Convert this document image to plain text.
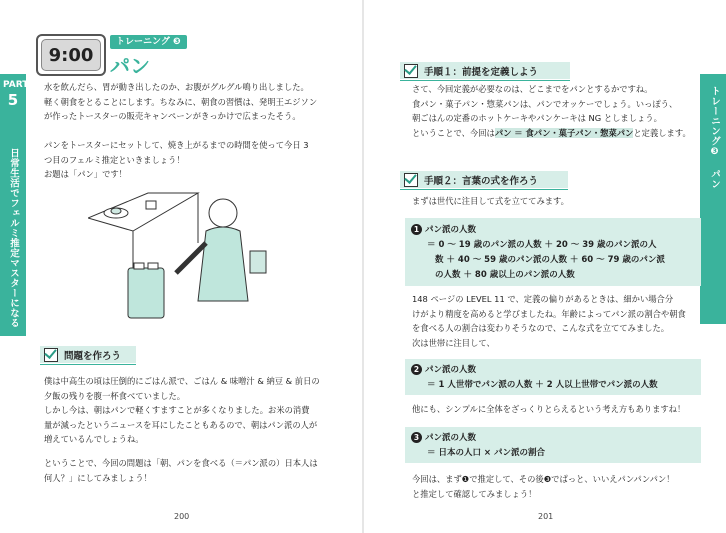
PART
5
日常生活でフェルミ推定マスターになる
9:00
トレーニング ❸
パン
水を飲んだら、胃が動き出したのか、お腹がグルグル鳴り出しました。
軽く朝食をとることにします。ちなみに、朝食の習慣は、発明王エジソン
が作ったトースターの販売キャンペーンがきっかけで広まったそう。
パンをトースターにセットして、焼き上がるまでの時間を使って今日 3
つ目のフェルミ推定といきましょう！
お題は「パン」です！
問題を作ろう
僕は中高生の頃は圧倒的にごはん派で、ごはん & 味噌汁 & 納豆 & 前日の
夕飯の残りを腹一杯食べていました。
しかし今は、朝はパンで軽くすますことが多くなりました。お米の消費
量が減ったというニュースを耳にしたこともあるので、朝はパン派の人が
増えているんでしょうね。
ということで、今回の問題は「朝、パンを食べる（＝パン派の）日本人は
何人？」にしてみましょう！
200
トレーニング❸ パン
手順１：前提を定義しよう
さて、今回定義が必要なのは、どこまでをパンとするかですね。
食パン・菓子パン・惣菜パンは、パンでオッケーでしょう。いっぽう、
朝ごはんの定番のホットケーキやパンケーキは NG としましょう。
ということで、今回はパン ＝ 食パン・菓子パン・惣菜パンと定義します。
手順２：言葉の式を作ろう
まずは世代に注目して式を立ててみます。
1 パン派の人数
＝ 0 ～ 19 歳のパン派の人数 ＋ 20 ～ 39 歳のパン派の人
数 ＋ 40 ～ 59 歳のパン派の人数 ＋ 60 ～ 79 歳のパン派
の人数 ＋ 80 歳以上のパン派の人数
148 ページの LEVEL 11 で、定義の偏りがあるときは、細かい場合分
けがより精度を高めると学びましたね。年齢によってパン派の割合や朝食
を食べる人の割合は変わりそうなので、こんな式を立ててみました。
次は世帯に注目して、
2 パン派の人数
＝ 1 人世帯でパン派の人数 ＋ 2 人以上世帯でパン派の人数
他にも、シンプルに全体をざっくりとらえるという考え方もありますね！
3 パン派の人数
＝ 日本の人口 × パン派の割合
今回は、まず❶で推定して、その後❸でぱっと、いいえパンパンパン！
と推定して確認してみましょう！
201
